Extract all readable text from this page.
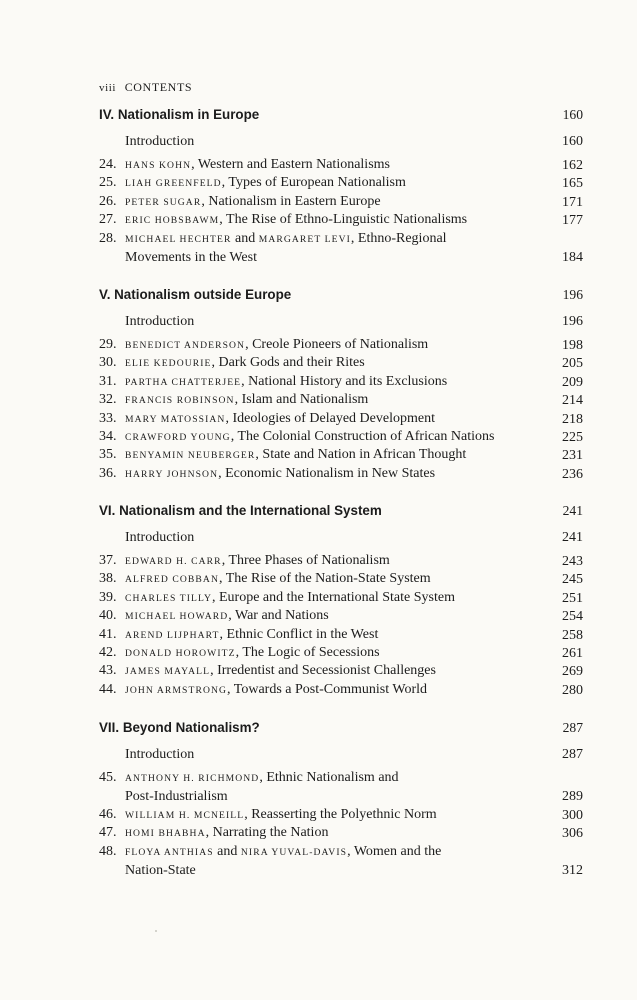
viii CONTENTS
IV. Nationalism in Europe	160
Introduction	160
24. HANS KOHN, Western and Eastern Nationalisms	162
25. LIAH GREENFELD, Types of European Nationalism	165
26. PETER SUGAR, Nationalism in Eastern Europe	171
27. ERIC HOBSBAWM, The Rise of Ethno-Linguistic Nationalisms	177
28. MICHAEL HECHTER and MARGARET LEVI, Ethno-Regional
Movements in the West	184
V. Nationalism outside Europe	196
Introduction	196
29. BENEDICT ANDERSON, Creole Pioneers of Nationalism	198
30. ELIE KEDOURIE, Dark Gods and their Rites	205
31. PARTHA CHATTERJEE, National History and its Exclusions	209
32. FRANCIS ROBINSON, Islam and Nationalism	214
33. MARY MATOSSIAN, Ideologies of Delayed Development	218
34. CRAWFORD YOUNG, The Colonial Construction of African Nations	225
35. BENYAMIN NEUBERGER, State and Nation in African Thought	231
36. HARRY JOHNSON, Economic Nationalism in New States	236
VI. Nationalism and the International System	241
Introduction	241
37. EDWARD H. CARR, Three Phases of Nationalism	243
38. ALFRED COBBAN, The Rise of the Nation-State System	245
39. CHARLES TILLY, Europe and the International State System	251
40. MICHAEL HOWARD, War and Nations	254
41. AREND LIJPHART, Ethnic Conflict in the West	258
42. DONALD HOROWITZ, The Logic of Secessions	261
43. JAMES MAYALL, Irredentist and Secessionist Challenges	269
44. JOHN ARMSTRONG, Towards a Post-Communist World	280
VII. Beyond Nationalism?	287
Introduction	287
45. ANTHONY H. RICHMOND, Ethnic Nationalism and
Post-Industrialism	289
46. WILLIAM H. MCNEILL, Reasserting the Polyethnic Norm	300
47. HOMI BHABHA, Narrating the Nation	306
48. FLOYA ANTHIAS and NIRA YUVAL-DAVIS, Women and the
Nation-State	312
